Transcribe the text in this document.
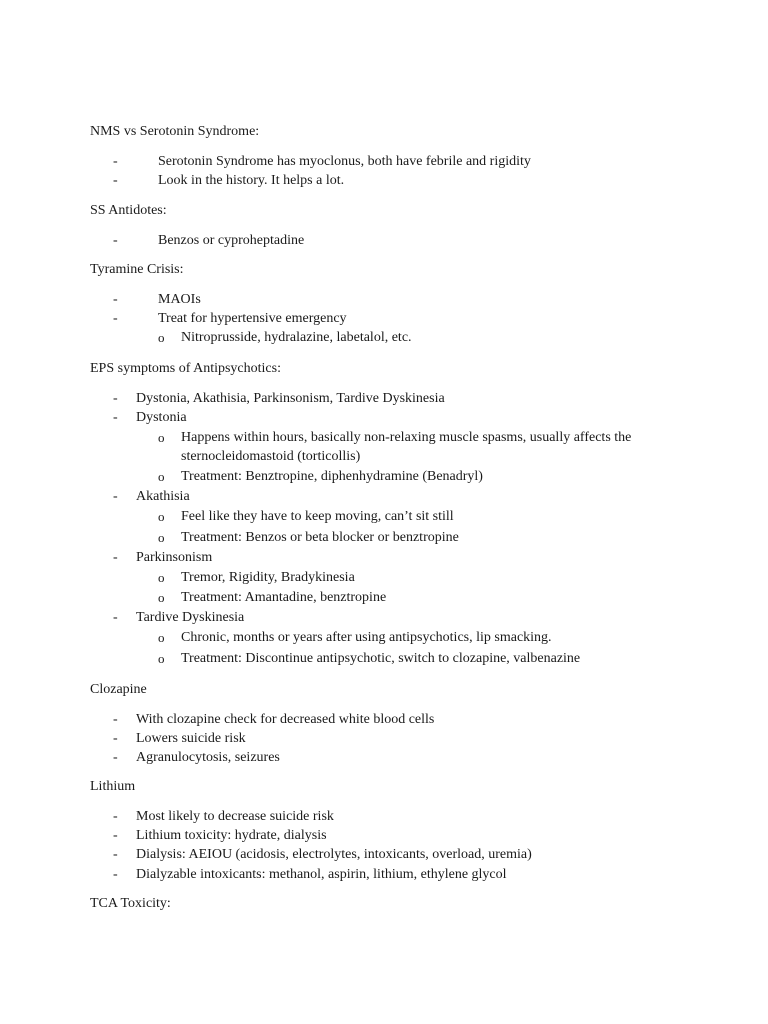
NMS vs Serotonin Syndrome:
-	Serotonin Syndrome has myoclonus, both have febrile and rigidity
-	Look in the history. It helps a lot.
SS Antidotes:
-	Benzos or cyproheptadine
Tyramine Crisis:
-	MAOIs
-	Treat for hypertensive emergency
o Nitroprusside, hydralazine, labetalol, etc.
EPS symptoms of Antipsychotics:
- Dystonia, Akathisia, Parkinsonism, Tardive Dyskinesia
- Dystonia
o Happens within hours, basically non-relaxing muscle spasms, usually affects the
sternocleidomastoid (torticollis)
o Treatment: Benztropine, diphenhydramine (Benadryl)
- Akathisia
o Feel like they have to keep moving, can’t sit still
o Treatment: Benzos or beta blocker or benztropine
- Parkinsonism
o Tremor, Rigidity, Bradykinesia
o Treatment: Amantadine, benztropine
- Tardive Dyskinesia
o Chronic, months or years after using antipsychotics, lip smacking.
o Treatment: Discontinue antipsychotic, switch to clozapine, valbenazine
Clozapine
- With clozapine check for decreased white blood cells
- Lowers suicide risk
- Agranulocytosis, seizures
Lithium
- Most likely to decrease suicide risk
- Lithium toxicity: hydrate, dialysis
- Dialysis: AEIOU (acidosis, electrolytes, intoxicants, overload, uremia)
- Dialyzable intoxicants: methanol, aspirin, lithium, ethylene glycol
TCA Toxicity:
